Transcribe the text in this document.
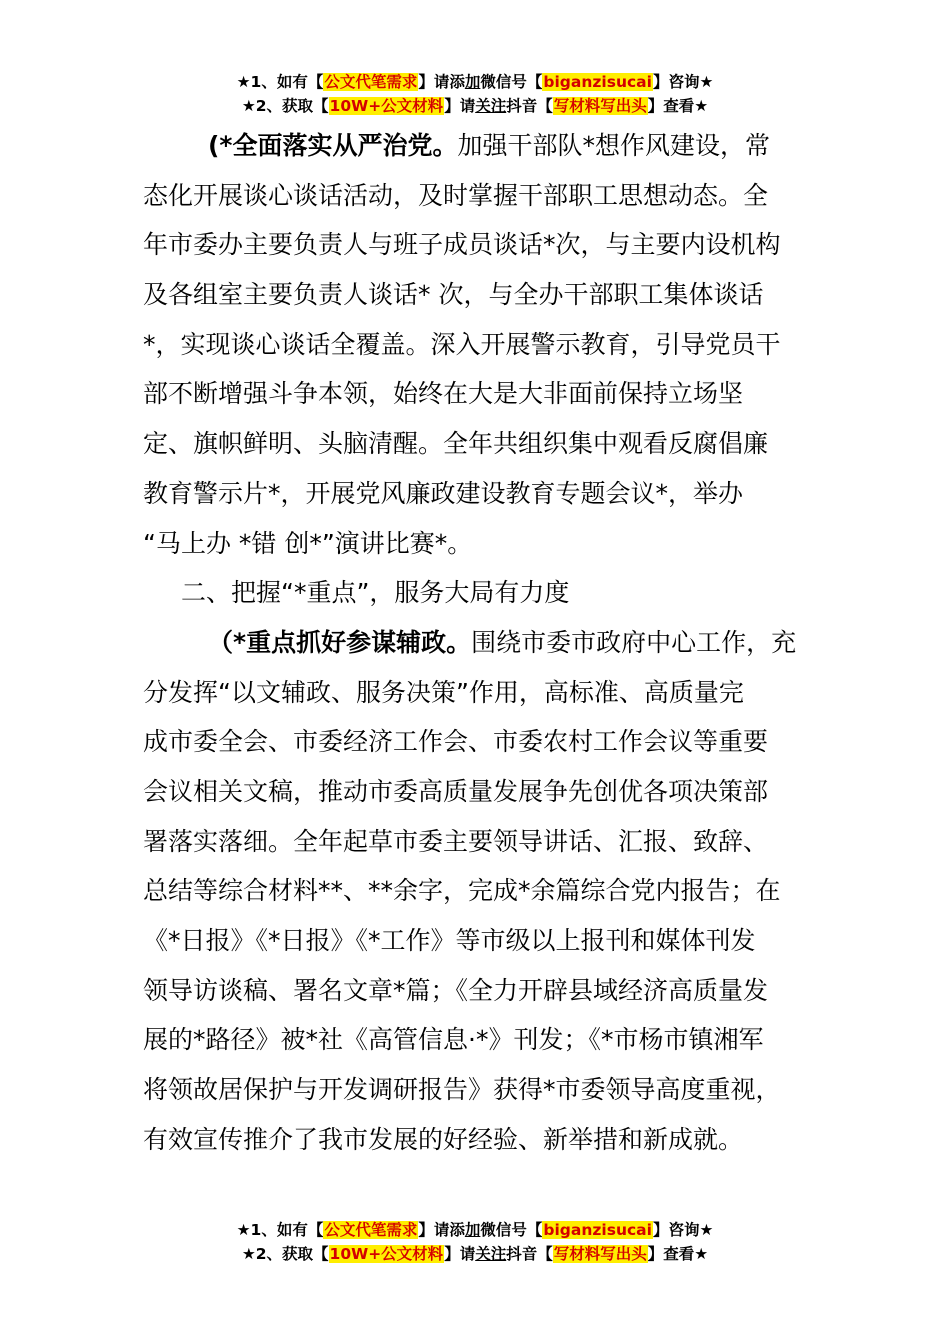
★1、如有【公文代笔需求】请添加微信号【biganzisucai】咨询★
★2、获取【10W+公文材料】请关注抖音【写材料写出头】查看★
(*全面落实从严治党。加强干部队*想作风建设，常
态化开展谈心谈话活动，及时掌握干部职工思想动态。全
年市委办主要负责人与班子成员谈话*次，与主要内设机构
及各组室主要负责人谈话* 次，与全办干部职工集体谈话
*，实现谈心谈话全覆盖。深入开展警示教育，引导党员干
部不断增强斗争本领，始终在大是大非面前保持立场坚
定、旗帜鲜明、头脑清醒。全年共组织集中观看反腐倡廉
教育警示片*，开展党风廉政建设教育专题会议*，举办
“马上办 *错 创*”演讲比赛*。
二、把握“*重点”，服务大局有力度
（*重点抓好参谋辅政。围绕市委市政府中心工作，充
分发挥“以文辅政、服务决策”作用，高标准、高质量完
成市委全会、市委经济工作会、市委农村工作会议等重要
会议相关文稿，推动市委高质量发展争先创优各项决策部
署落实落细。全年起草市委主要领导讲话、汇报、致辞、
总结等综合材料**、**余字，完成*余篇综合党内报告；在
《*日报》《*日报》《*工作》等市级以上报刊和媒体刊发
领导访谈稿、署名文章*篇；《全力开辟县域经济高质量发
展的*路径》被*社《高管信息·*》刊发；《*市杨市镇湘军
将领故居保护与开发调研报告》获得*市委领导高度重视，
有效宣传推介了我市发展的好经验、新举措和新成就。
★1、如有【公文代笔需求】请添加微信号【biganzisucai】咨询★
★2、获取【10W+公文材料】请关注抖音【写材料写出头】查看★
